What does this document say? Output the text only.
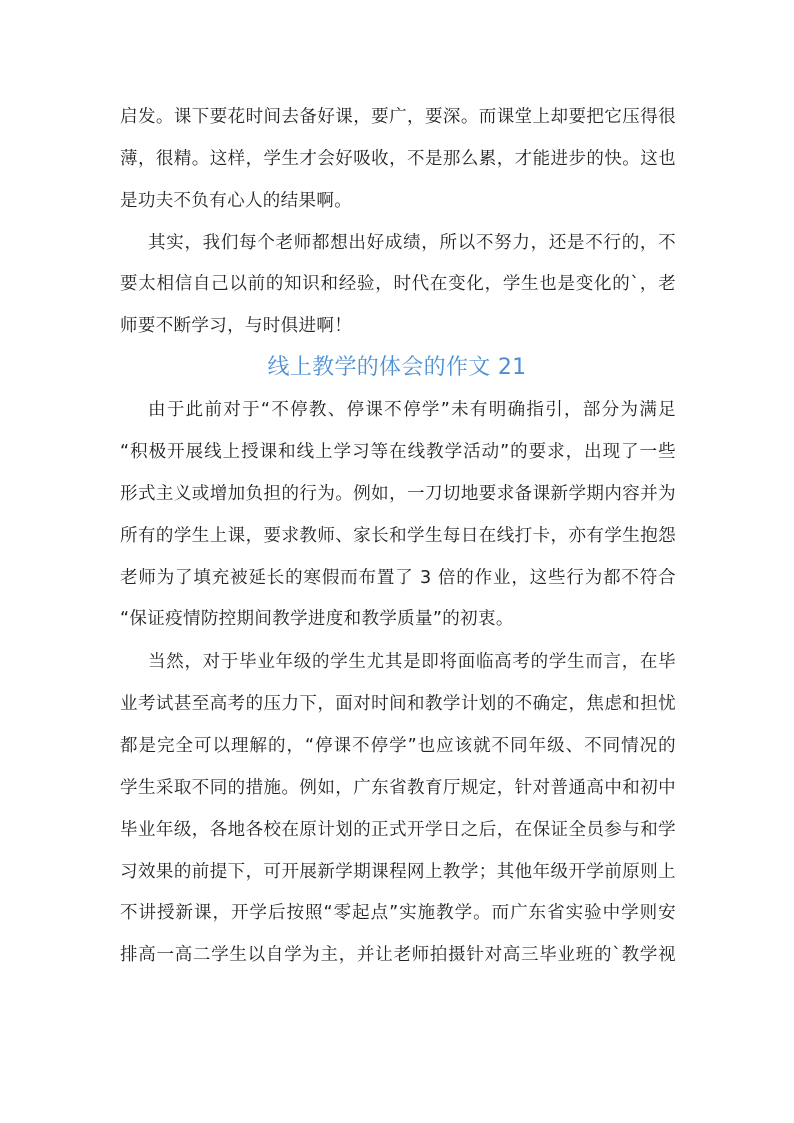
启发。课下要花时间去备好课，要广，要深。而课堂上却要把它压得很
薄，很精。这样，学生才会好吸收，不是那么累，才能进步的快。这也
是功夫不负有心人的结果啊。
其实，我们每个老师都想出好成绩，所以不努力，还是不行的，不
要太相信自己以前的知识和经验，时代在变化，学生也是变化的`，老
师要不断学习，与时俱进啊！
线上教学的体会的作文 21
由于此前对于“不停教、停课不停学”未有明确指引，部分为满足
“积极开展线上授课和线上学习等在线教学活动”的要求，出现了一些
形式主义或增加负担的行为。例如，一刀切地要求备课新学期内容并为
所有的学生上课，要求教师、家长和学生每日在线打卡，亦有学生抱怨
老师为了填充被延长的寒假而布置了 3 倍的作业，这些行为都不符合
“保证疫情防控期间教学进度和教学质量”的初衷。
当然，对于毕业年级的学生尤其是即将面临高考的学生而言，在毕
业考试甚至高考的压力下，面对时间和教学计划的不确定，焦虑和担忧
都是完全可以理解的，“停课不停学”也应该就不同年级、不同情况的
学生采取不同的措施。例如，广东省教育厅规定，针对普通高中和初中
毕业年级，各地各校在原计划的正式开学日之后，在保证全员参与和学
习效果的前提下，可开展新学期课程网上教学；其他年级开学前原则上
不讲授新课，开学后按照“零起点”实施教学。而广东省实验中学则安
排高一高二学生以自学为主，并让老师拍摄针对高三毕业班的`教学视
